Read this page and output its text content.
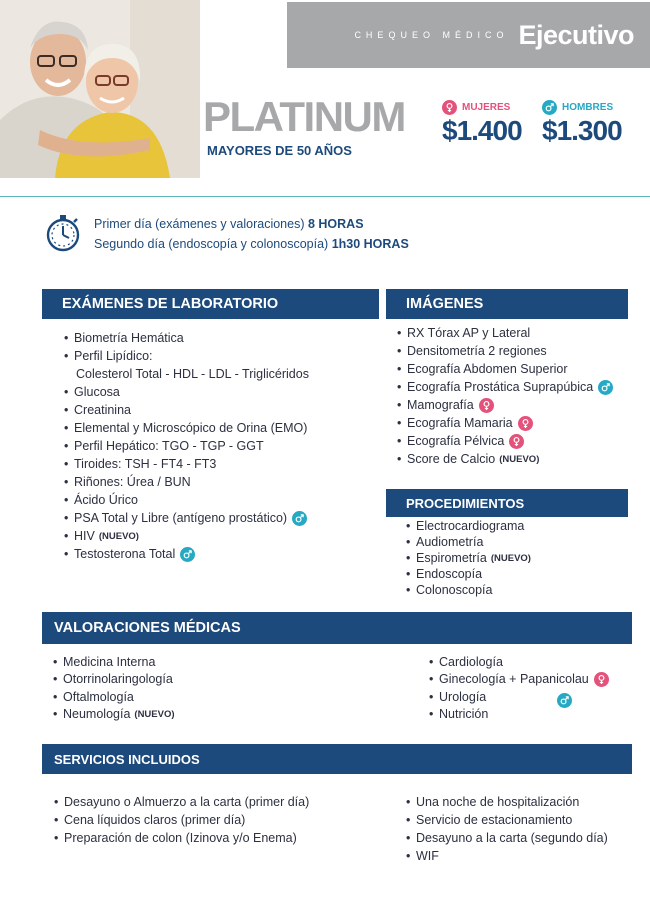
CHEQUEO MÉDICO Ejecutivo
PLATINUM
MAYORES DE 50 AÑOS
MUJERES
$1.400
HOMBRES
$1.300
Primer día (exámenes y valoraciones) 8 HORAS
Segundo día (endoscopía y colonoscopía) 1h30 HORAS
EXÁMENES DE LABORATORIO	IMÁGENES
PROCEDIMIENTOS
VALORACIONES MÉDICAS
SERVICIOS INCLUIDOS
• Biometría Hemática
• Perfil Lipídico:
Colesterol Total - HDL - LDL - Triglicéridos
• Glucosa
• Creatinina
• Elemental y Microscópico de Orina (EMO)
• Perfil Hepático: TGO - TGP - GGT
• Tiroides: TSH - FT4 - FT3
• Riñones: Úrea / BUN
• Ácido Úrico
• PSA Total y Libre (antígeno prostático)
• HIV (NUEVO)
• Testosterona Total
• RX Tórax AP y Lateral
• Densitometría 2 regiones
• Ecografía Abdomen Superior
• Ecografía Prostática Suprapúbica
• Mamografía
• Ecografía Mamaria
• Ecografía Pélvica
• Score de Calcio (NUEVO)
• Electrocardiograma
• Audiometría
• Espirometría (NUEVO)
• Endoscopía
• Colonoscopía
• Medicina Interna
• Otorrinolaringología
• Oftalmología
• Neumología (NUEVO)
• Cardiología
• Ginecología + Papanicolau
• Urología
• Nutrición
• Desayuno o Almuerzo a la carta (primer día)
• Cena líquidos claros (primer día)
• Preparación de colon (Izinova y/o Enema)
• Una noche de hospitalización
• Servicio de estacionamiento
• Desayuno a la carta (segundo día)
• WIF
